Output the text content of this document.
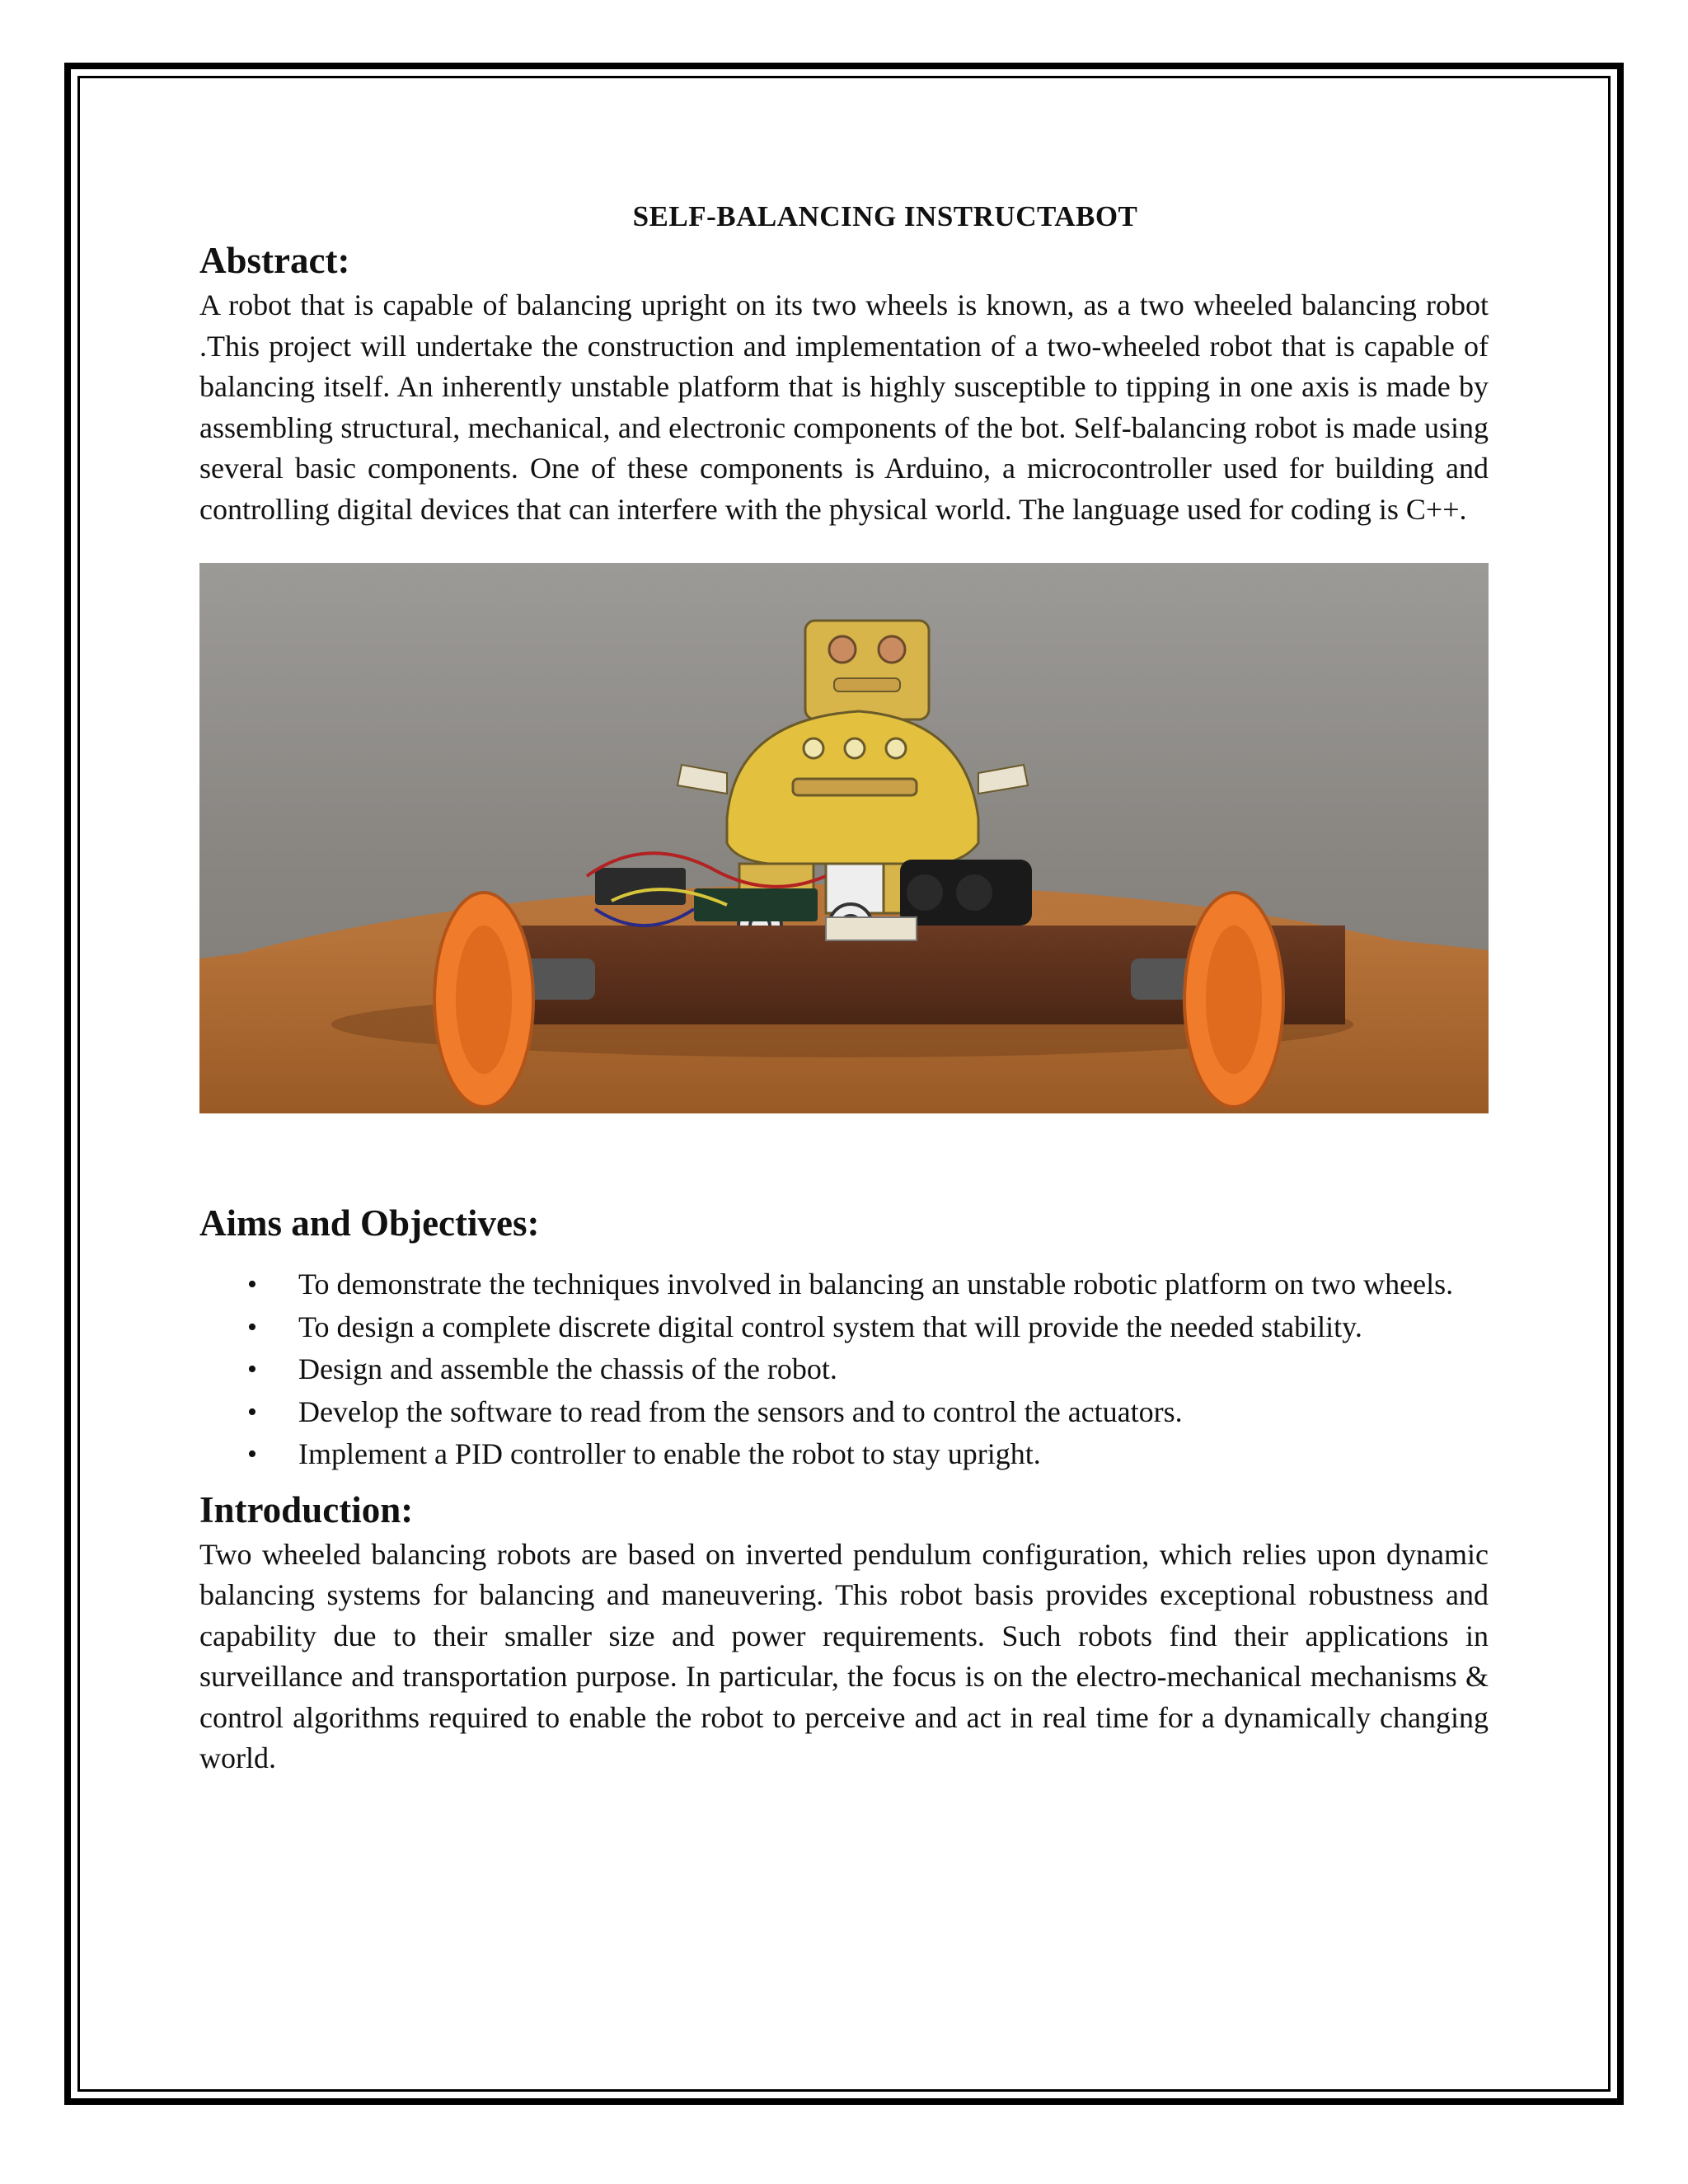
SELF-BALANCING INSTRUCTABOT
Abstract:

A robot that is capable of balancing upright on its two wheels is known, as a two wheeled balancing robot .This project will undertake the construction and implementation of a two-wheeled robot that is capable of balancing itself. An inherently unstable platform that is highly susceptible to tipping in one axis is made by assembling structural, mechanical, and electronic components of the bot. Self-balancing robot is made using several basic components. One of these components is Arduino, a microcontroller used for building and controlling digital devices that can interfere with the physical world. The language used for coding is C++.

Aims and Objectives:
• To demonstrate the techniques involved in balancing an unstable robotic platform on two wheels.
• To design a complete discrete digital control system that will provide the needed stability.
• Design and assemble the chassis of the robot.
• Develop the software to read from the sensors and to control the actuators.
• Implement a PID controller to enable the robot to stay upright.
Introduction:

Two wheeled balancing robots are based on inverted pendulum configuration, which relies upon dynamic balancing systems for balancing and maneuvering. This robot basis provides exceptional robustness and capability due to their smaller size and power requirements. Such robots find their applications in surveillance and transportation purpose. In particular, the focus is on the electro-mechanical mechanisms & control algorithms required to enable the robot to perceive and act in real time for a dynamically changing world.
